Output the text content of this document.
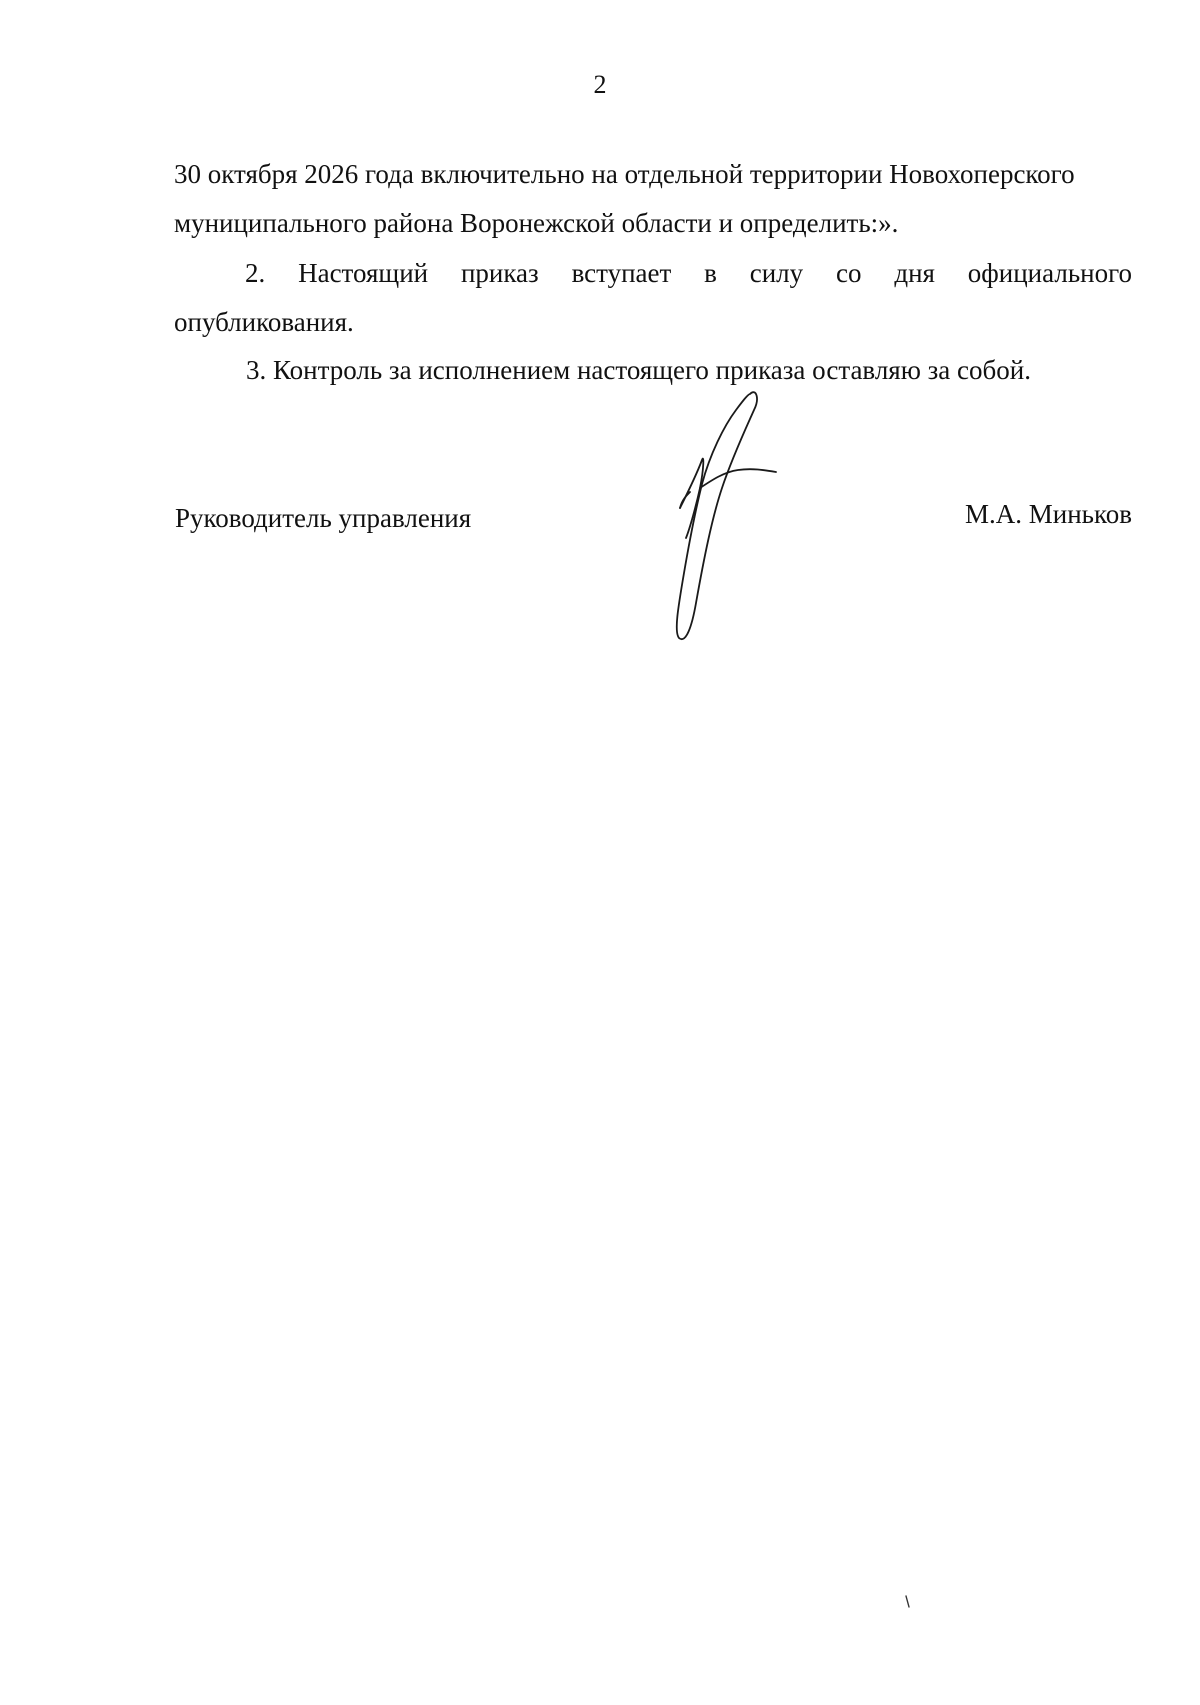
2
30 октября 2026 года включительно на отдельной территории Новохоперского
муниципального района Воронежской области и определить:».
2. Настоящий приказ вступает в силу со дня официального
опубликования.
3. Контроль за исполнением настоящего приказа оставляю за собой.
Руководитель управления	М.А. Миньков
